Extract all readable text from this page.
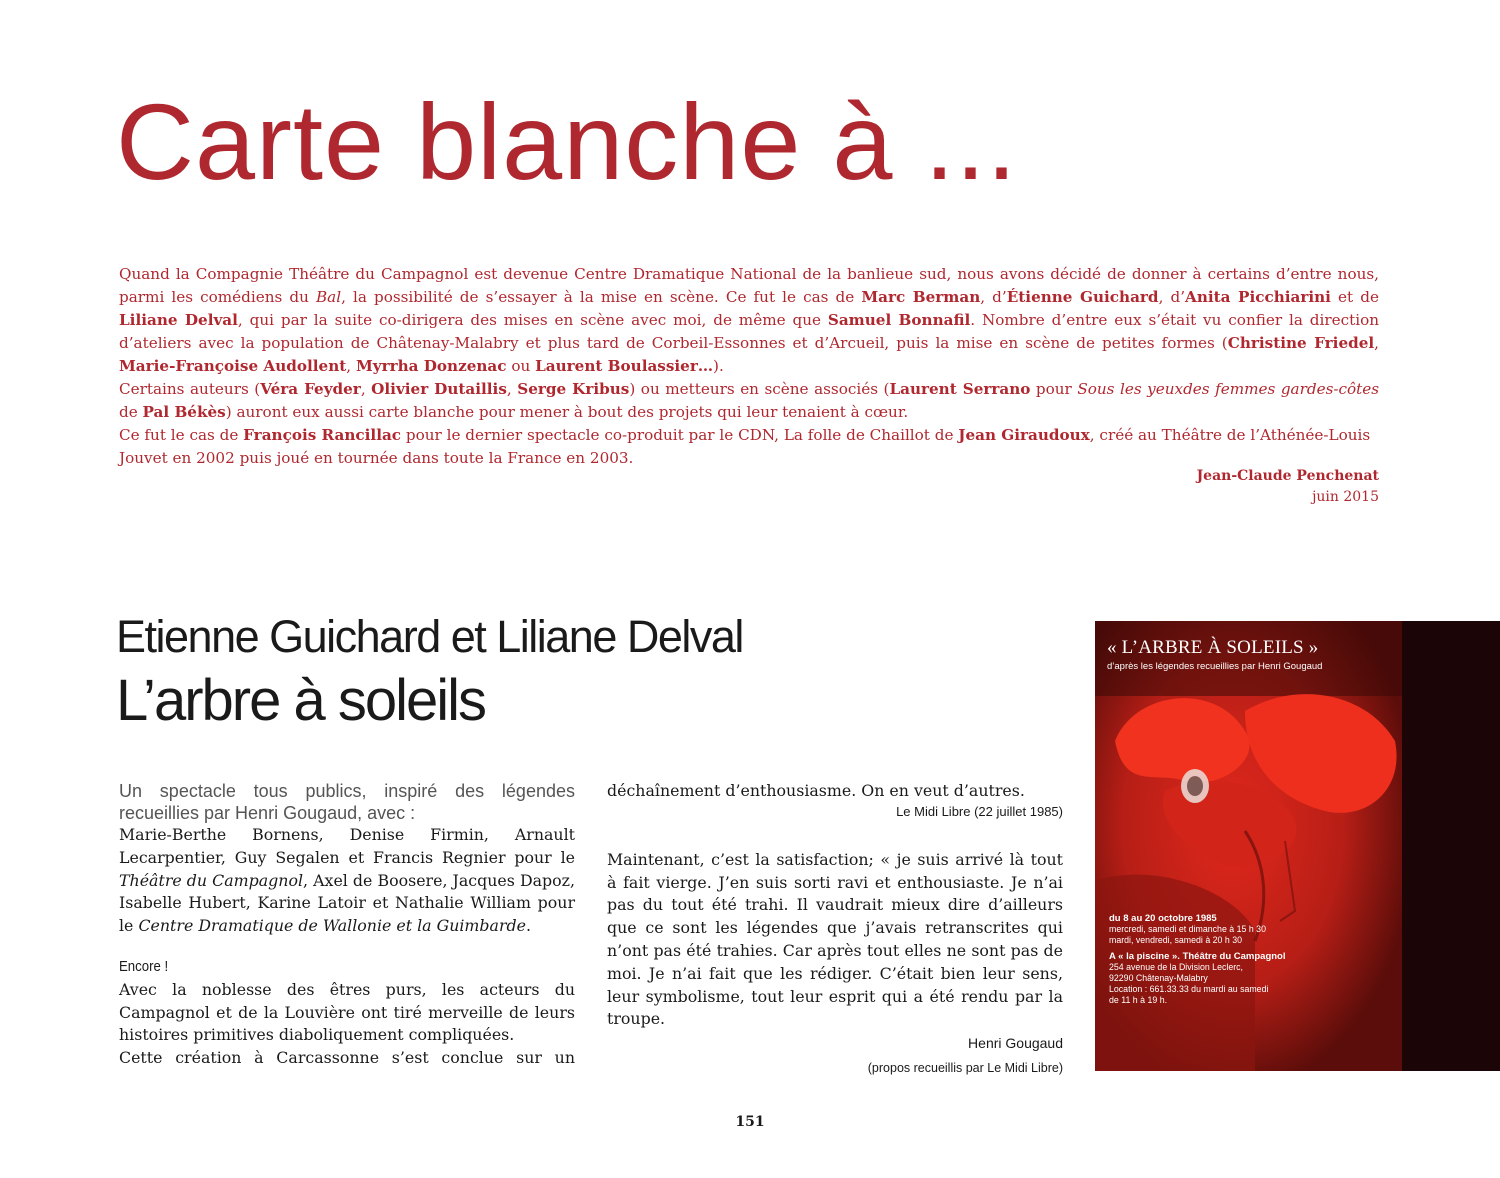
Carte blanche à ...

Quand la Compagnie Théâtre du Campagnol est devenue Centre Dramatique National de la banlieue sud, nous avons décidé de donner à certains d’entre nous, parmi les comédiens du Bal, la possibilité de s’essayer à la mise en scène. Ce fut le cas de Marc Berman, d’Étienne Guichard, d’Anita Picchiarini et de Liliane Delval, qui par la suite co-dirigera des mises en scène avec moi, de même que Samuel Bonnafil. Nombre d’entre eux s’était vu confier la direction d’ateliers avec la population de Châtenay-Malabry et plus tard de Corbeil-Essonnes et d’Arcueil, puis la mise en scène de petites formes (Christine Friedel, Marie-Françoise Audollent, Myrrha Donzenac ou Laurent Boulassier…).

Certains auteurs (Véra Feyder, Olivier Dutaillis, Serge Kribus) ou metteurs en scène associés (Laurent Serrano pour Sous les yeuxdes femmes gardes-côtes de Pal Békès) auront eux aussi carte blanche pour mener à bout des projets qui leur tenaient à cœur.

Ce fut le cas de François Rancillac pour le dernier spectacle co-produit par le CDN, La folle de Chaillot de Jean Giraudoux, créé au Théâtre de l’Athénée-Louis Jouvet en 2002 puis joué en tournée dans toute la France en 2003.

Jean-Claude Penchenat
juin 2015
Etienne Guichard et Liliane Delval
L’arbre à soleils
Un spectacle tous publics, inspiré des légendes recueillies par Henri Gougaud, avec :
Marie-Berthe Bornens, Denise Firmin, Arnault Lecarpentier, Guy Segalen et Francis Regnier pour le Théâtre du Campagnol, Axel de Boosere, Jacques Dapoz, Isabelle Hubert, Karine Latoir et Nathalie William pour le Centre Dramatique de Wallonie et la Guimbarde.
Encore !
Avec la noblesse des êtres purs, les acteurs du Campagnol et de la Louvière ont tiré merveille de leurs histoires primitives diaboliquement compliquées.
Cette création à Carcassonne s’est conclue sur un
déchaînement d’enthousiasme. On en veut d’autres.
Le Midi Libre (22 juillet 1985)
Maintenant, c’est la satisfaction; « je suis arrivé là tout à fait vierge. J’en suis sorti ravi et enthousiaste. Je n’ai pas du tout été trahi. Il vaudrait mieux dire d’ailleurs que ce sont les légendes que j’avais retranscrites qui n’ont pas été trahies. Car après tout elles ne sont pas de moi. Je n’ai fait que les rédiger. C’était bien leur sens, leur symbolisme, tout leur esprit qui a été rendu par la troupe.
Henri Gougaud
(propos recueillis par Le Midi Libre)
« L’ARBRE À SOLEILS »
d’après les légendes recueillies par Henri Gougaud
du 8 au 20 octobre 1985
mercredi, samedi et dimanche à 15 h 30
mardi, vendredi, samedi à 20 h 30
A « la piscine ». Théâtre du Campagnol
254 avenue de la Division Leclerc,
92290 Châtenay-Malabry
Location : 661.33.33 du mardi au samedi
de 11 h à 19 h.
151
